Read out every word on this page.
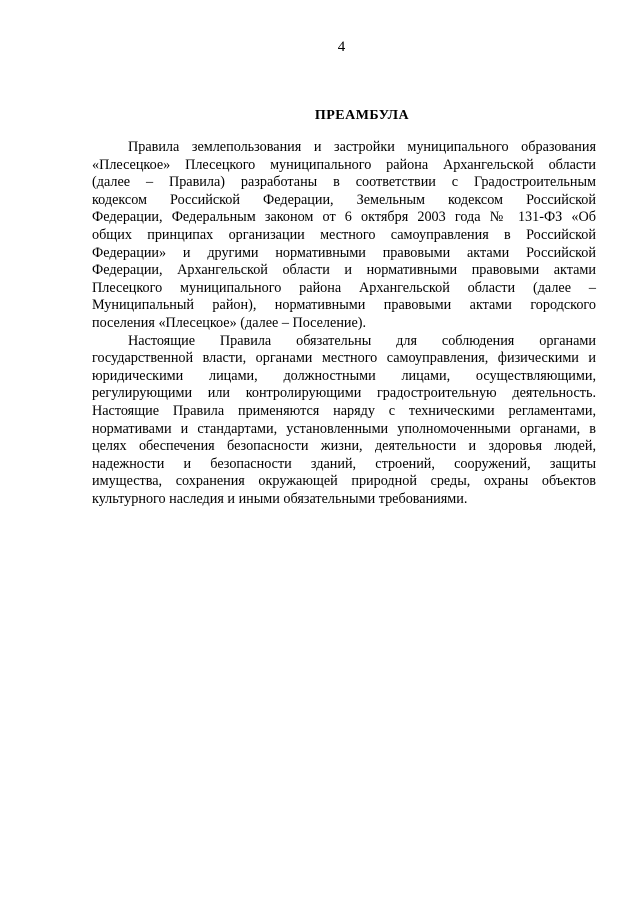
4
ПРЕАМБУЛА
Правила землепользования и застройки муниципального образования
«Плесецкое» Плесецкого муниципального района Архангельской области
(далее – Правила) разработаны в соответствии с Градостроительным
кодексом Российской Федерации, Земельным кодексом Российской
Федерации, Федеральным законом от 6 октября 2003 года № 131-ФЗ «Об
общих принципах организации местного самоуправления в Российской
Федерации» и другими нормативными правовыми актами Российской
Федерации, Архангельской области и нормативными правовыми актами
Плесецкого муниципального района Архангельской области (далее –
Муниципальный район), нормативными правовыми актами городского
поселения «Плесецкое» (далее – Поселение).
Настоящие Правила обязательны для соблюдения органами
государственной власти, органами местного самоуправления, физическими и
юридическими лицами, должностными лицами, осуществляющими,
регулирующими или контролирующими градостроительную деятельность.
Настоящие Правила применяются наряду с техническими регламентами,
нормативами и стандартами, установленными уполномоченными органами, в
целях обеспечения безопасности жизни, деятельности и здоровья людей,
надежности и безопасности зданий, строений, сооружений, защиты
имущества, сохранения окружающей природной среды, охраны объектов
культурного наследия и иными обязательными требованиями.
